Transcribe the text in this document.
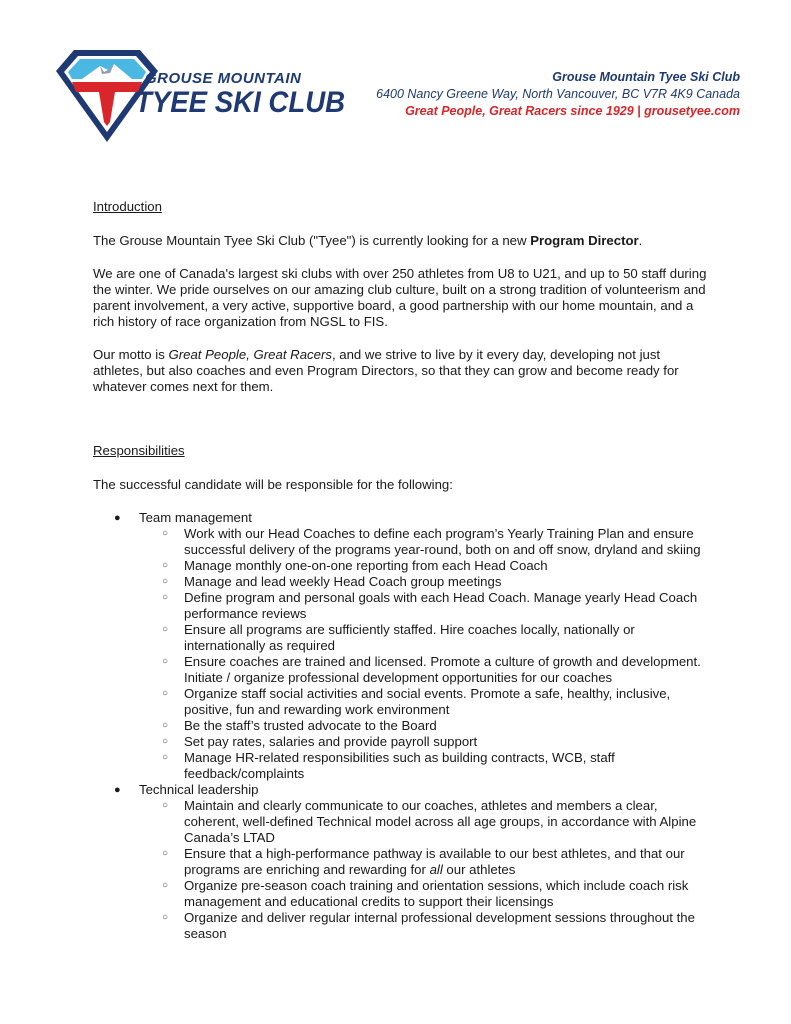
GROUSE MOUNTAIN
TYEE SKI CLUB
Grouse Mountain Tyee Ski Club
6400 Nancy Greene Way, North Vancouver, BC V7R 4K9 Canada
Great People, Great Racers since 1929 | grousetyee.com
Introduction

The Grouse Mountain Tyee Ski Club ("Tyee") is currently looking for a new Program Director.

We are one of Canada's largest ski clubs with over 250 athletes from U8 to U21, and up to 50 staff during the winter. We pride ourselves on our amazing club culture, built on a strong tradition of volunteerism and parent involvement, a very active, supportive board, a good partnership with our home mountain, and a rich history of race organization from NGSL to FIS.

Our motto is Great People, Great Racers, and we strive to live by it every day, developing not just athletes, but also coaches and even Program Directors, so that they can grow and become ready for whatever comes next for them.

Responsibilities

The successful candidate will be responsible for the following:

● Team management
○ Work with our Head Coaches to define each program’s Yearly Training Plan and ensure successful delivery of the programs year-round, both on and off snow, dryland and skiing
○ Manage monthly one-on-one reporting from each Head Coach
○ Manage and lead weekly Head Coach group meetings
○ Define program and personal goals with each Head Coach. Manage yearly Head Coach performance reviews
○ Ensure all programs are sufficiently staffed. Hire coaches locally, nationally or internationally as required
○ Ensure coaches are trained and licensed. Promote a culture of growth and development. Initiate / organize professional development opportunities for our coaches
○ Organize staff social activities and social events. Promote a safe, healthy, inclusive, positive, fun and rewarding work environment
○ Be the staff’s trusted advocate to the Board
○ Set pay rates, salaries and provide payroll support
○ Manage HR-related responsibilities such as building contracts, WCB, staff feedback/complaints
● Technical leadership
○ Maintain and clearly communicate to our coaches, athletes and members a clear, coherent, well-defined Technical model across all age groups, in accordance with Alpine Canada’s LTAD
○ Ensure that a high-performance pathway is available to our best athletes, and that our programs are enriching and rewarding for all our athletes
○ Organize pre-season coach training and orientation sessions, which include coach risk management and educational credits to support their licensings
○ Organize and deliver regular internal professional development sessions throughout the season
